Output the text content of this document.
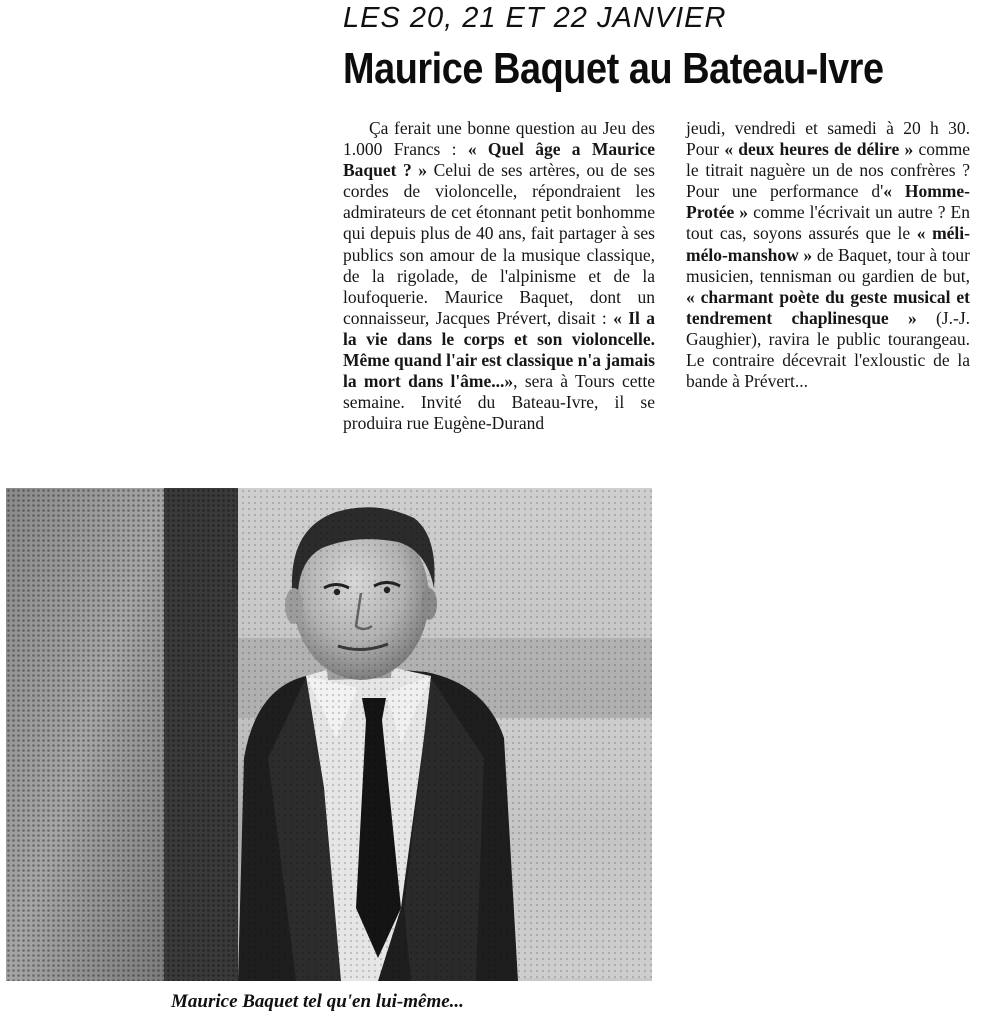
LES 20, 21 ET 22 JANVIER
Maurice Baquet au Bateau-Ivre

Ça ferait une bonne question au Jeu des 1.000 Francs : « Quel âge a Maurice Baquet ? » Celui de ses artères, ou de ses cordes de violoncelle, répondraient les admirateurs de cet étonnant petit bonhomme qui depuis plus de 40 ans, fait partager à ses publics son amour de la musique classique, de la rigolade, de l'alpinisme et de la loufoquerie. Maurice Baquet, dont un connaisseur, Jacques Prévert, disait : « Il a la vie dans le corps et son violoncelle. Même quand l'air est classique n'a jamais la mort dans l'âme...», sera à Tours cette semaine. Invité du Bateau-Ivre, il se produira rue Eugène-Durand

jeudi, vendredi et samedi à 20 h 30. Pour « deux heures de délire » comme le titrait naguère un de nos confrères ? Pour une performance d'« Homme-Protée » comme l'écrivait un autre ? En tout cas, soyons assurés que le « méli-mélo-manshow » de Baquet, tour à tour musicien, tennisman ou gardien de but, « charmant poète du geste musical et tendrement chaplinesque » (J.-J. Gaughier), ravira le public tourangeau. Le contraire décevrait l'exloustic de la bande à Prévert...

Maurice Baquet tel qu'en lui-même...
